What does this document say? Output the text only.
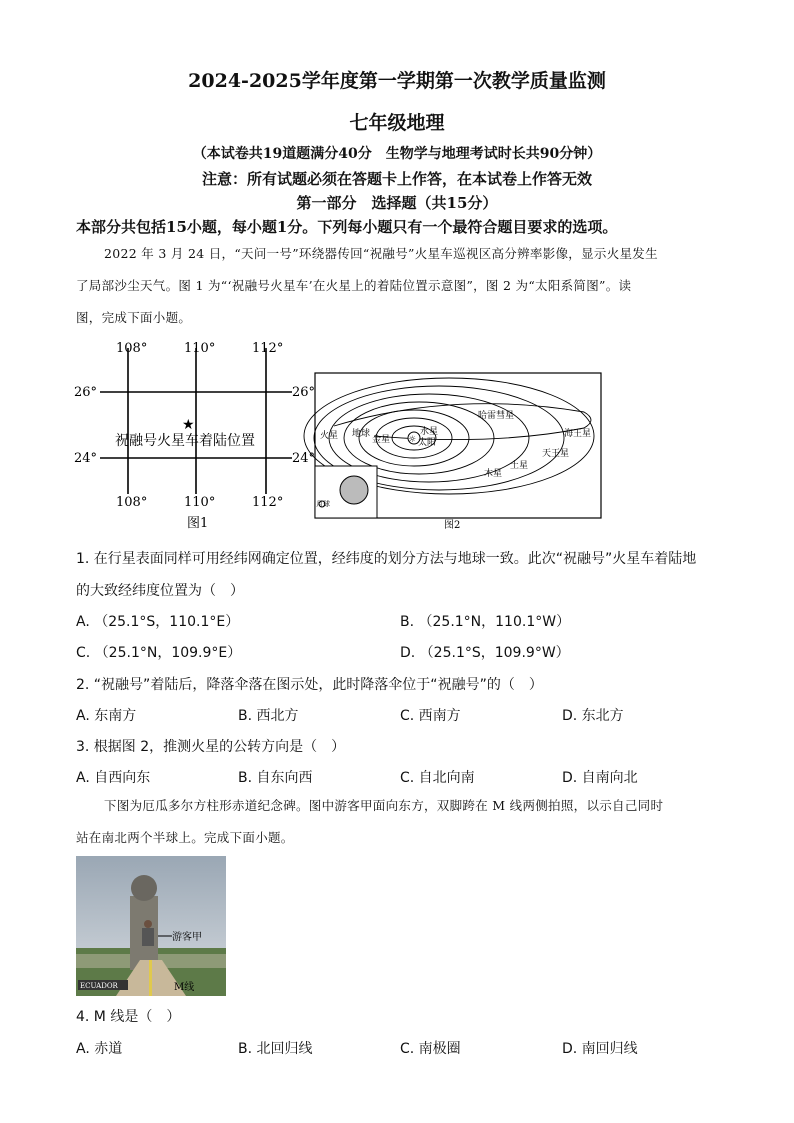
2024-2025学年度第一学期第一次教学质量监测
七年级地理
（本试卷共19道题满分40分　生物学与地理考试时长共90分钟）
注意：所有试题必须在答题卡上作答，在本试卷上作答无效
第一部分　选择题（共15分）
本部分共包括15小题，每小题1分。下列每小题只有一个最符合题目要求的选项。
2022 年 3 月 24 日，“天问一号”环绕器传回“祝融号”火星车巡视区高分辨率影像，显示火星发生
了局部沙尘天气。图 1 为“‘祝融号火星车’在火星上的着陆位置示意图”，图 2 为“太阳系简图”。读
图，完成下面小题。
108°	110°	112°
108°	110°	112°
26°
24°
26°
24°
★
祝融号火星车着陆位置
图1
☼ 太阳
水星
金星
地球
火星
哈雷彗星
海王星
天王星
土星
木星
月球
图2
1. 在行星表面同样可用经纬网确定位置，经纬度的划分方法与地球一致。此次“祝融号”火星车着陆地
的大致经纬度位置为（　）
A. （25.1°S，110.1°E）	B. （25.1°N，110.1°W）
C. （25.1°N，109.9°E）	D. （25.1°S，109.9°W）
2. “祝融号”着陆后，降落伞落在图示处，此时降落伞位于“祝融号”的（　）
A. 东南方	B. 西北方	C. 西南方	D. 东北方
3. 根据图 2，推测火星的公转方向是（　）
A. 自西向东	B. 自东向西	C. 自北向南	D. 自南向北
下图为厄瓜多尔方柱形赤道纪念碑。图中游客甲面向东方，双脚跨在 M 线两侧拍照，以示自己同时
站在南北两个半球上。完成下面小题。
ECUADOR
游客甲
M线
4. M 线是（　）
A. 赤道	B. 北回归线	C. 南极圈	D. 南回归线
